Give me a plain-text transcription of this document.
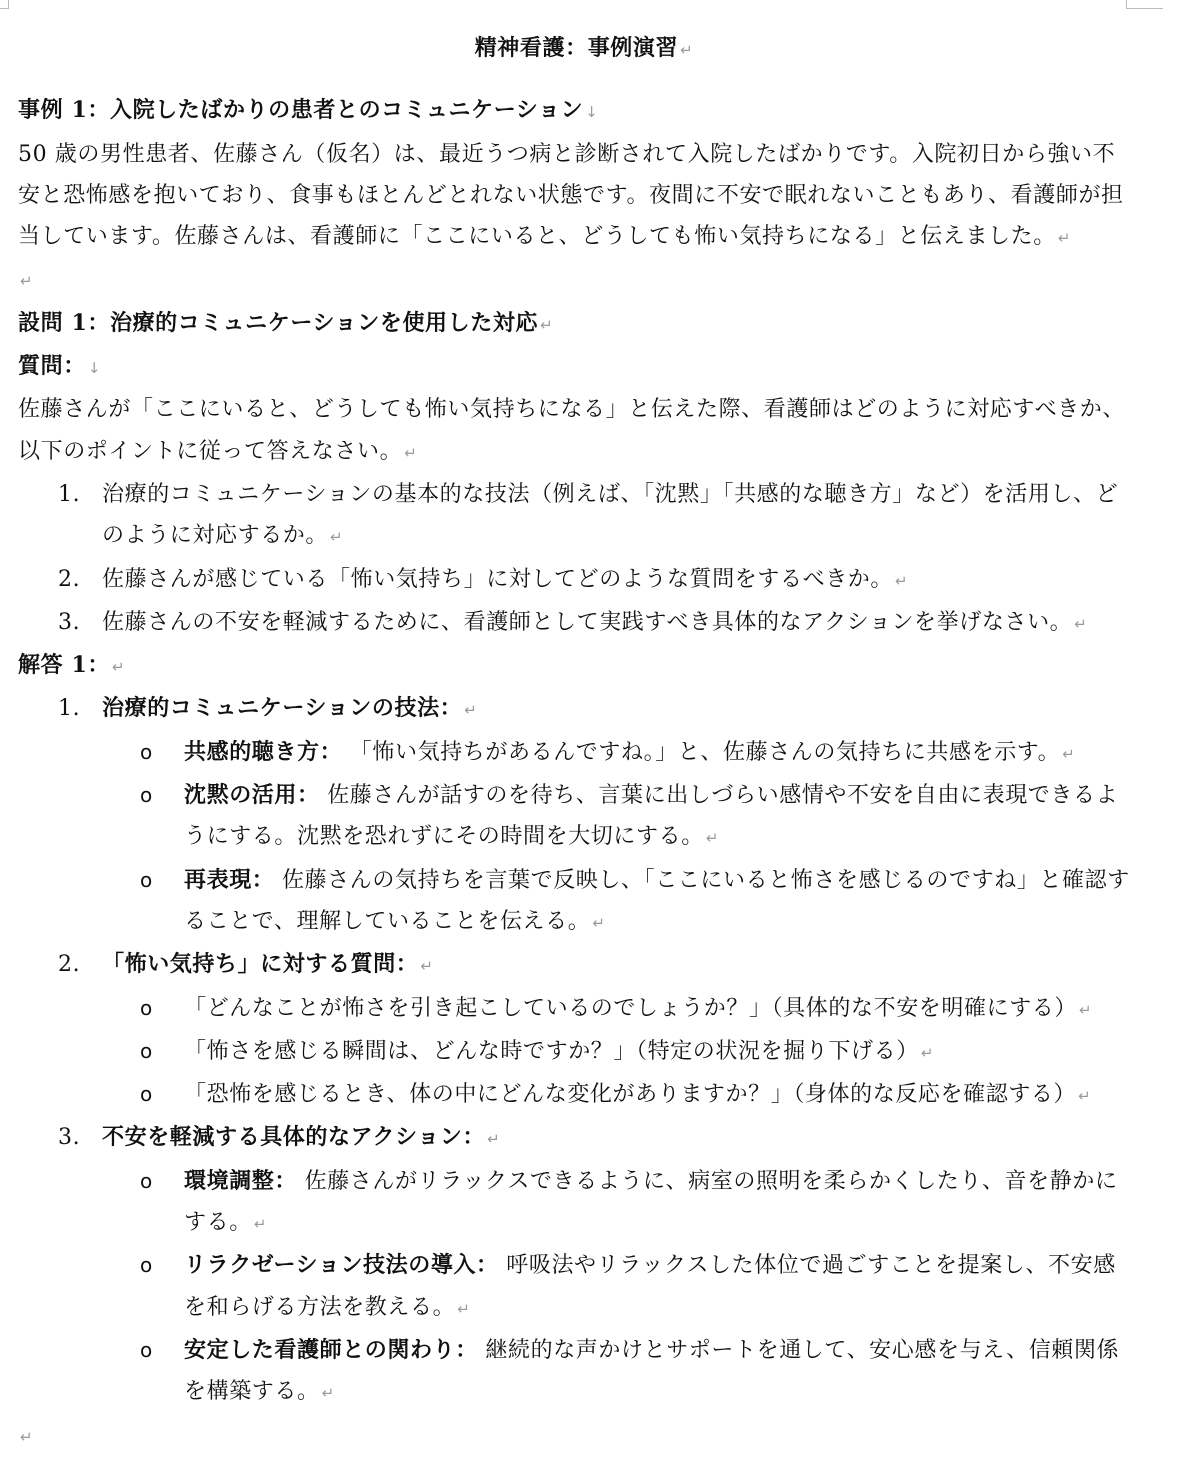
精神看護：事例演習 ↵

事例 1：入院したばかりの患者とのコミュニケーション ↓

50 歳の男性患者、佐藤さん（仮名）は、最近うつ病と診断されて入院したばかりです。入院初日から強い不安と恐怖感を抱いており、食事もほとんどとれない状態です。夜間に不安で眠れないこともあり、看護師が担当しています。佐藤さんは、看護師に「ここにいると、どうしても怖い気持ちになる」と伝えました。 ↵

↵

設問 1：治療的コミュニケーションを使用した対応 ↵

質問： ↓

佐藤さんが「ここにいると、どうしても怖い気持ちになる」と伝えた際、看護師はどのように対応すべきか、以下のポイントに従って答えなさい。 ↵

1. 治療的コミュニケーションの基本的な技法（例えば、「沈黙」「共感的な聴き方」など）を活用し、どのように対応するか。 ↵
2. 佐藤さんが感じている「怖い気持ち」に対してどのような質問をするべきか。 ↵
3. 佐藤さんの不安を軽減するために、看護師として実践すべき具体的なアクションを挙げなさい。 ↵

解答 1： ↵

1. 治療的コミュニケーションの技法： ↵
o 共感的聴き方： 「怖い気持ちがあるんですね。」と、佐藤さんの気持ちに共感を示す。 ↵
o 沈黙の活用： 佐藤さんが話すのを待ち、言葉に出しづらい感情や不安を自由に表現できるようにする。沈黙を恐れずにその時間を大切にする。 ↵
o 再表現： 佐藤さんの気持ちを言葉で反映し、「ここにいると怖さを感じるのですね」と確認することで、理解していることを伝える。 ↵
2. 「怖い気持ち」に対する質問： ↵
o 「どんなことが怖さを引き起こしているのでしょうか？」（具体的な不安を明確にする） ↵
o 「怖さを感じる瞬間は、どんな時ですか？」（特定の状況を掘り下げる） ↵
o 「恐怖を感じるとき、体の中にどんな変化がありますか？」（身体的な反応を確認する） ↵
3. 不安を軽減する具体的なアクション： ↵
o 環境調整： 佐藤さんがリラックスできるように、病室の照明を柔らかくしたり、音を静かにする。 ↵
o リラクゼーション技法の導入： 呼吸法やリラックスした体位で過ごすことを提案し、不安感を和らげる方法を教える。 ↵
o 安定した看護師との関わり： 継続的な声かけとサポートを通して、安心感を与え、信頼関係を構築する。 ↵

↵
